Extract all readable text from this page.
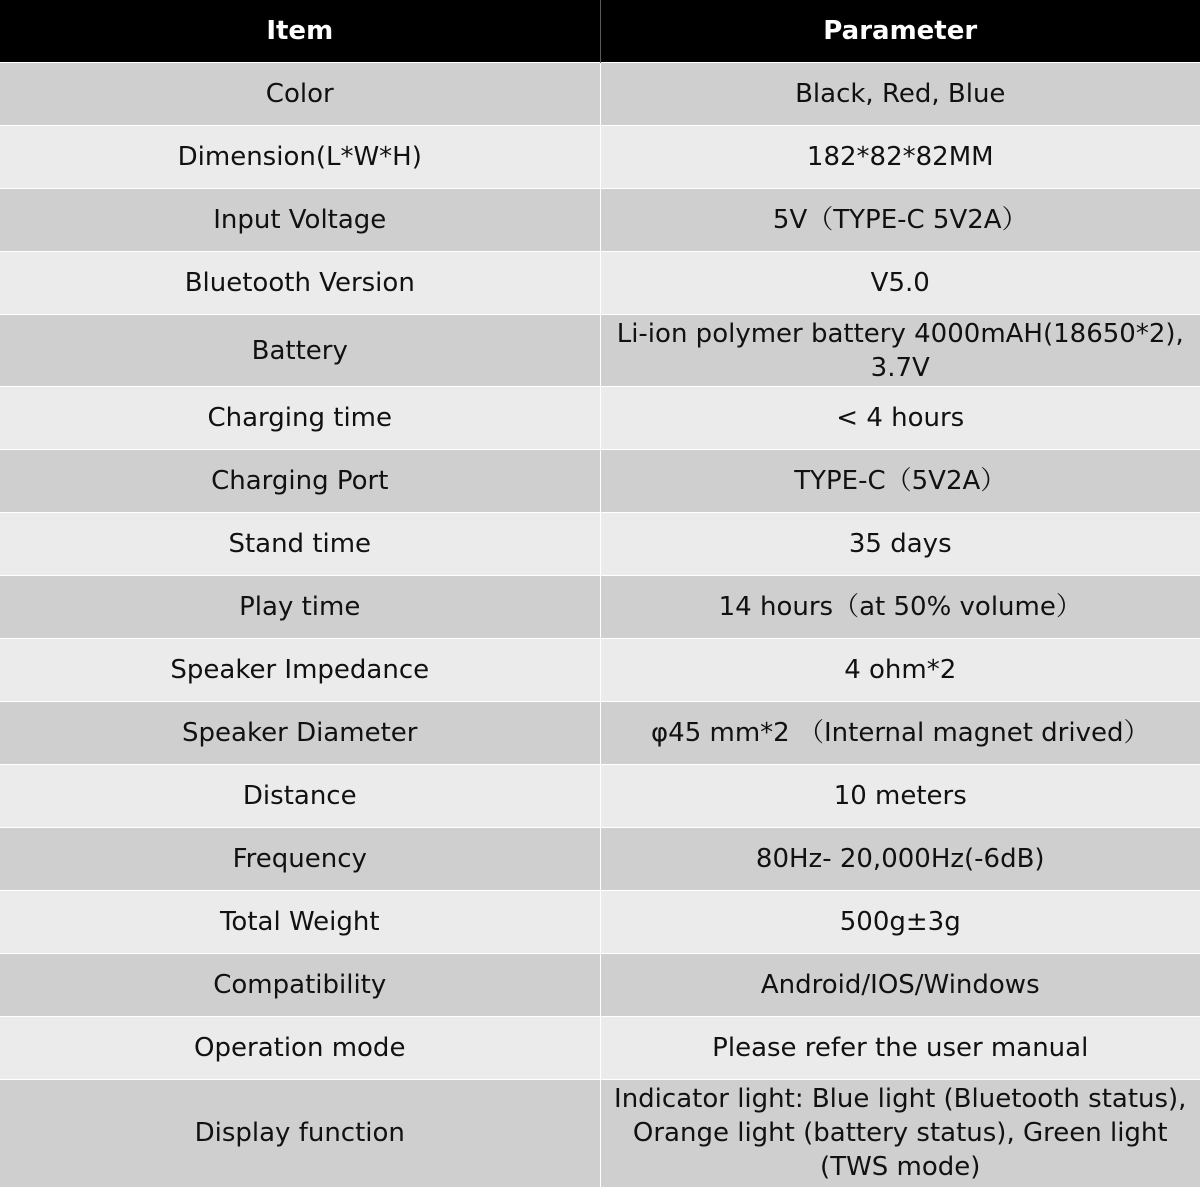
Item	Parameter
Color	Black, Red, Blue
Dimension(L*W*H)	182*82*82MM
Input Voltage	5V（TYPE-C 5V2A）
Bluetooth Version	V5.0
Battery	Li-ion polymer battery 4000mAH(18650*2), 3.7V
Charging time	< 4 hours
Charging Port	TYPE-C（5V2A）
Stand time	35 days
Play time	14 hours（at 50% volume）
Speaker Impedance	4 ohm*2
Speaker Diameter	φ45 mm*2 （Internal magnet drived）
Distance	10 meters
Frequency	80Hz- 20,000Hz(-6dB)
Total Weight	500g±3g
Compatibility	Android/IOS/Windows
Operation mode	Please refer the user manual
Display function	Indicator light: Blue light (Bluetooth status), Orange light (battery status), Green light (TWS mode)
